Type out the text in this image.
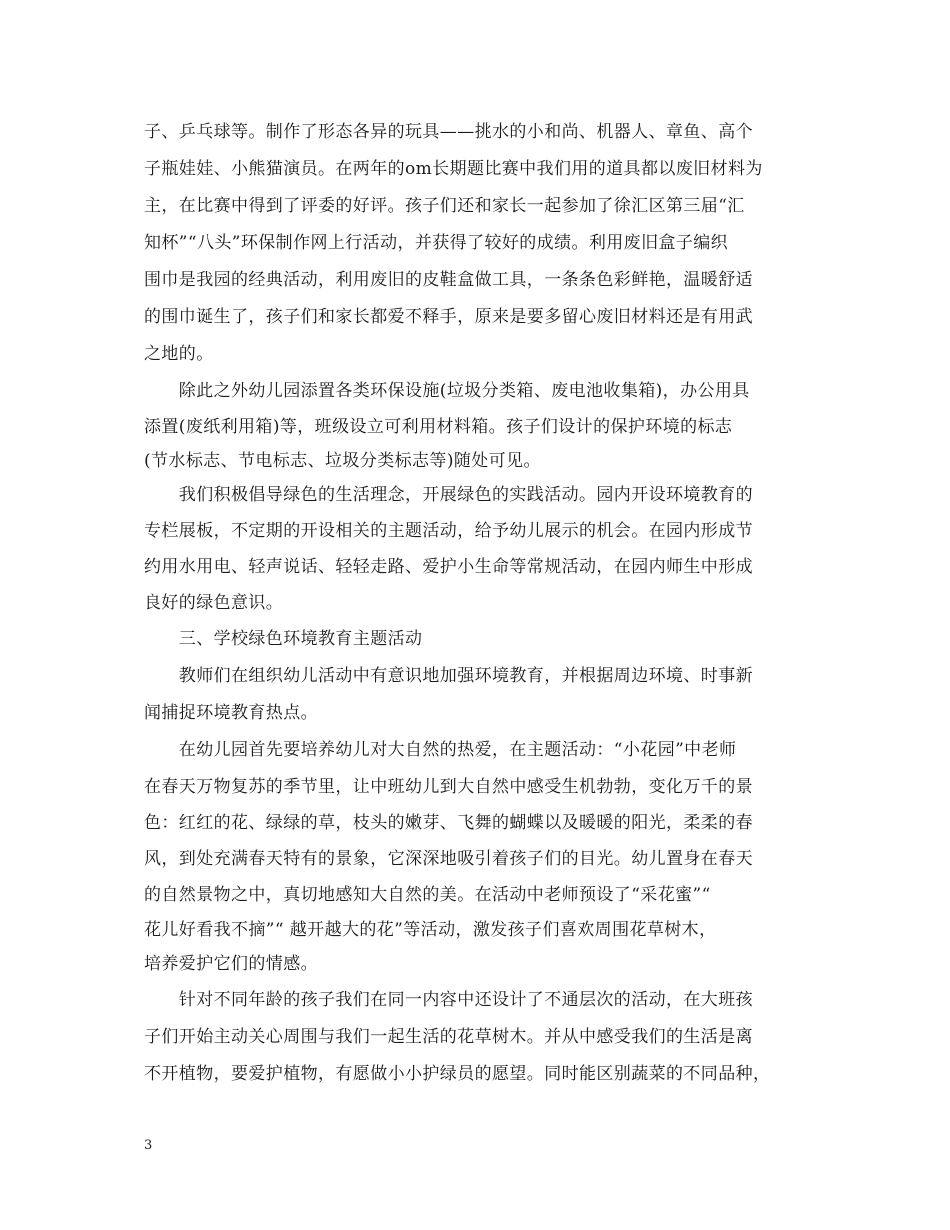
子、乒乓球等。制作了形态各异的玩具——挑水的小和尚、机器人、章鱼、高个
子瓶娃娃、小熊猫演员。在两年的om长期题比赛中我们用的道具都以废旧材料为
主，在比赛中得到了评委的好评。孩子们还和家长一起参加了徐汇区第三届“汇
知杯”“八头”环保制作网上行活动，并获得了较好的成绩。利用废旧盒子编织
围巾是我园的经典活动，利用废旧的皮鞋盒做工具，一条条色彩鲜艳，温暖舒适
的围巾诞生了，孩子们和家长都爱不释手，原来是要多留心废旧材料还是有用武
之地的。
　　除此之外幼儿园添置各类环保设施(垃圾分类箱、废电池收集箱)，办公用具
添置(废纸利用箱)等，班级设立可利用材料箱。孩子们设计的保护环境的标志
(节水标志、节电标志、垃圾分类标志等)随处可见。
　　我们积极倡导绿色的生活理念，开展绿色的实践活动。园内开设环境教育的
专栏展板，不定期的开设相关的主题活动，给予幼儿展示的机会。在园内形成节
约用水用电、轻声说话、轻轻走路、爱护小生命等常规活动，在园内师生中形成
良好的绿色意识。
　　三、学校绿色环境教育主题活动
　　教师们在组织幼儿活动中有意识地加强环境教育，并根据周边环境、时事新
闻捕捉环境教育热点。
　　在幼儿园首先要培养幼儿对大自然的热爱，在主题活动：“小花园”中老师
在春天万物复苏的季节里，让中班幼儿到大自然中感受生机勃勃，变化万千的景
色：红红的花、绿绿的草，枝头的嫩芽、飞舞的蝴蝶以及暖暖的阳光，柔柔的春
风，到处充满春天特有的景象，它深深地吸引着孩子们的目光。幼儿置身在春天
的自然景物之中，真切地感知大自然的美。在活动中老师预设了“采花蜜”“
花儿好看我不摘”“ 越开越大的花”等活动，激发孩子们喜欢周围花草树木，
培养爱护它们的情感。
　　针对不同年龄的孩子我们在同一内容中还设计了不通层次的活动，在大班孩
子们开始主动关心周围与我们一起生活的花草树木。并从中感受我们的生活是离
不开植物，要爱护植物，有愿做小小护绿员的愿望。同时能区别蔬菜的不同品种，
3
